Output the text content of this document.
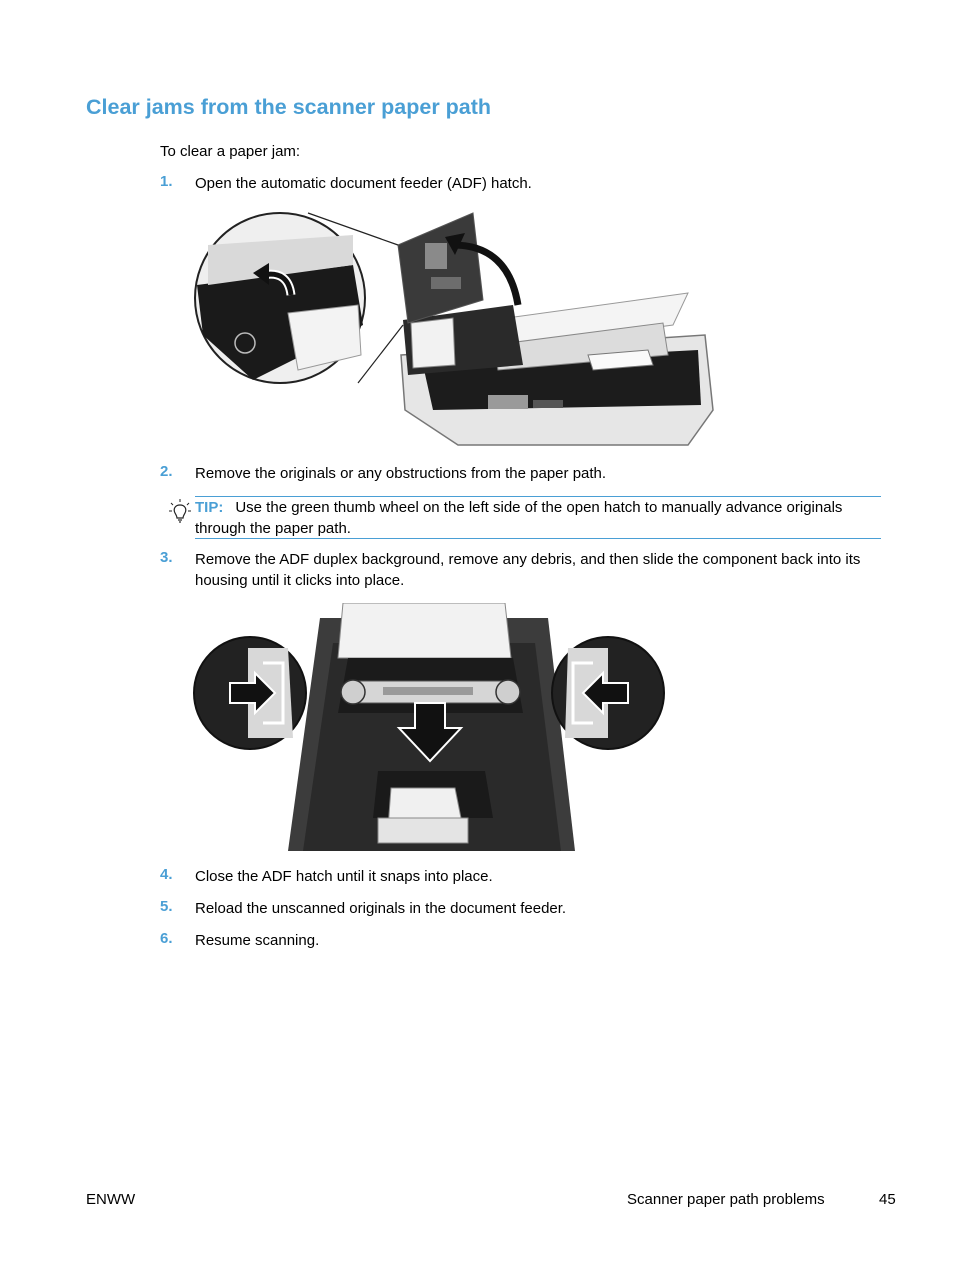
Clear jams from the scanner paper path

To clear a paper jam:

1. Open the automatic document feeder (ADF) hatch.

2. Remove the originals or any obstructions from the paper path.

TIP: Use the green thumb wheel on the left side of the open hatch to manually advance originals through the paper path.
3. Remove the ADF duplex background, remove any debris, and then slide the component back into its housing until it clicks into place.

4. Close the ADF hatch until it snaps into place.

5. Reload the unscanned originals in the document feeder.

6. Resume scanning.

ENWW	Scanner paper path problems	45
